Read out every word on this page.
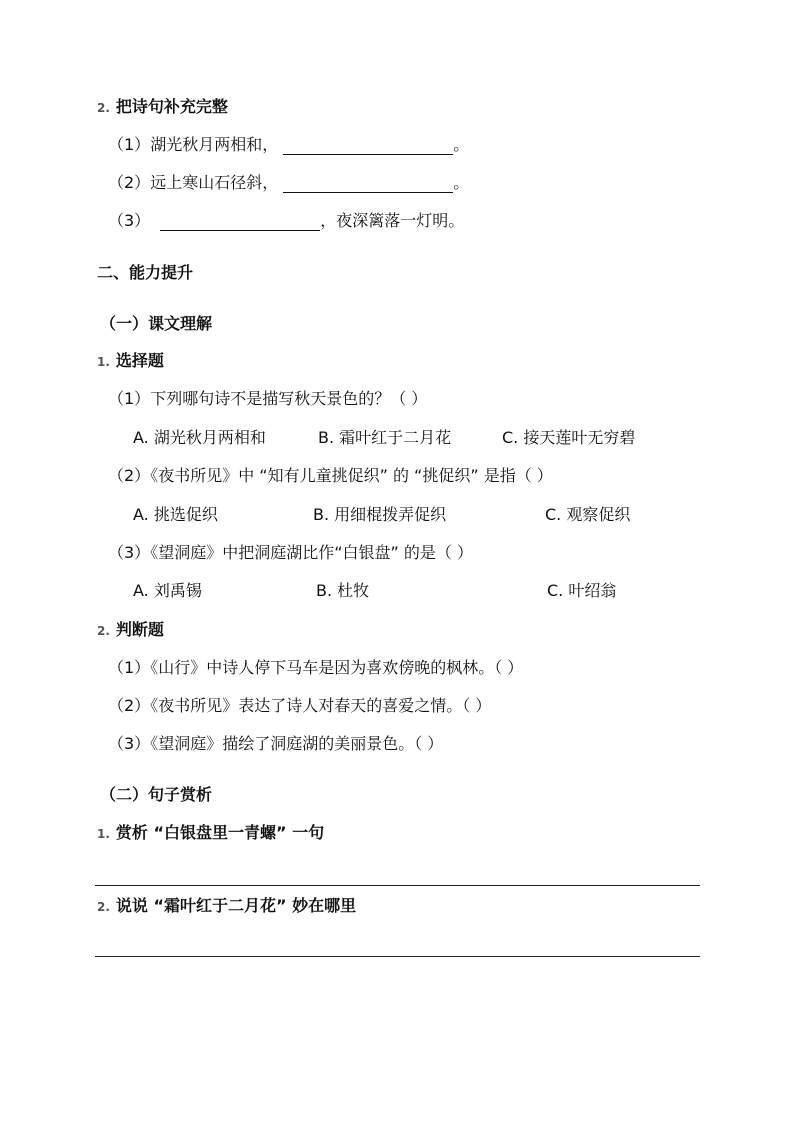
2. 把诗句补充完整
（1）湖光秋月两相和，	。
（2）远上寒山石径斜，	。
（3）	，夜深篱落一灯明。
二、能力提升
（一）课文理解
1. 选择题
（1）下列哪句诗不是描写秋天景色的？（ ）
A. 湖光秋月两相和	B. 霜叶红于二月花	C. 接天莲叶无穷碧
（2）《夜书所见》中 “知有儿童挑促织” 的 “挑促织” 是指（ ）
A. 挑选促织	B. 用细棍拨弄促织	C. 观察促织
（3）《望洞庭》中把洞庭湖比作“白银盘” 的是（ ）
A. 刘禹锡	B. 杜牧	C. 叶绍翁
2. 判断题
（1）《山行》中诗人停下马车是因为喜欢傍晚的枫林。（ ）
（2）《夜书所见》表达了诗人对春天的喜爱之情。（ ）
（3）《望洞庭》描绘了洞庭湖的美丽景色。（ ）
（二）句子赏析
1. 赏析 “白银盘里一青螺” 一句
2. 说说 “霜叶红于二月花” 妙在哪里
